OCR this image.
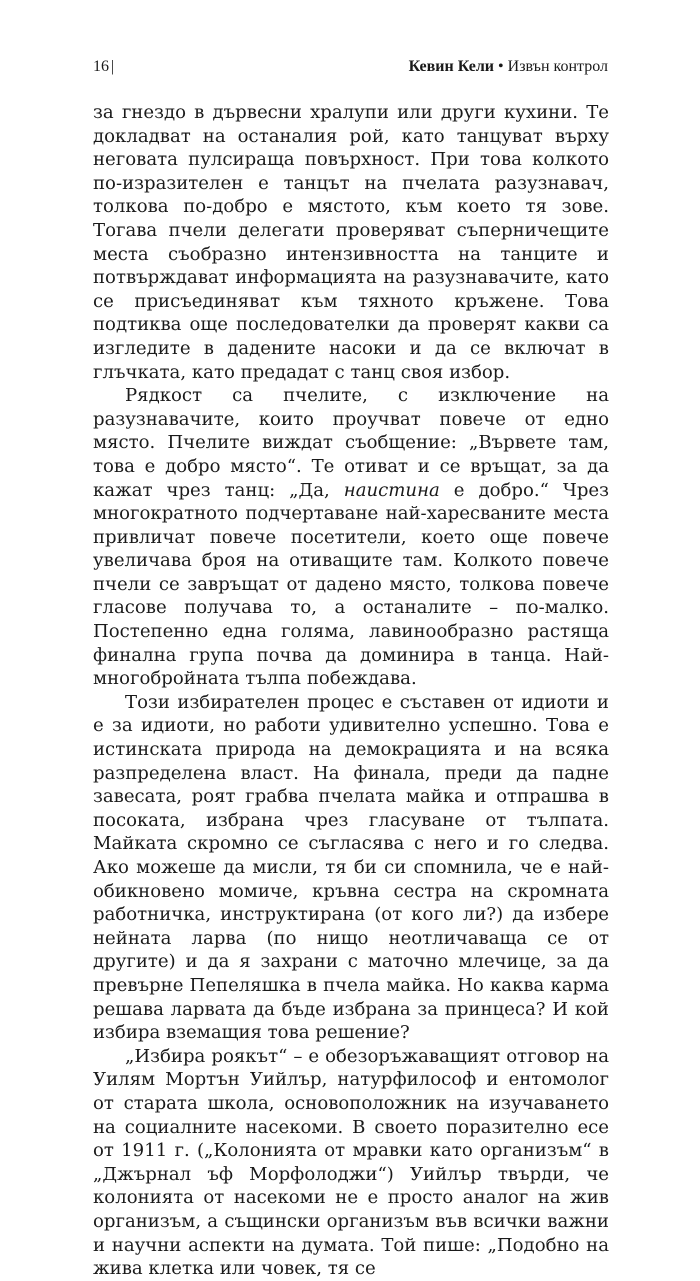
16 |	Кевин Кели • Извън контрол

за гнездо в дървесни хралупи или други кухини. Те докладват на останалия рой, като танцуват върху неговата пулсираща повърхност. При това колкото по-изразителен е танцът на пчелата разузнавач, толкова по-добро е мястото, към което тя зове. Тогава пчели делегати проверяват съперничещите места съобразно интензивността на танците и потвърждават информацията на разузнавачите, като се присъединяват към тяхното кръжене. Това подтиква още последователки да проверят какви са изгледите в дадените насоки и да се включат в глъчката, като предадат с танц своя избор.

Рядкост са пчелите, с изключение на разузнавачите, които проучват повече от едно място. Пчелите виждат съобщение: „Вървете там, това е добро място“. Те отиват и се връщат, за да кажат чрез танц: „Да, наистина е добро.“ Чрез многократното подчертаване най-харесваните места привличат повече посетители, което още повече увеличава броя на отиващите там. Колкото повече пчели се завръщат от дадено място, толкова повече гласове получава то, а останалите – по-малко. Постепенно една голяма, лавинообразно растяща финална група почва да доминира в танца. Най-многобройната тълпа побеждава.

Този избирателен процес е съставен от идиоти и е за идиоти, но работи удивително успешно. Това е истинската природа на демокрацията и на всяка разпределена власт. На финала, преди да падне завесата, роят грабва пчелата майка и отпрашва в посоката, избрана чрез гласуване от тълпата. Майката скромно се съгласява с него и го следва. Ако можеше да мисли, тя би си спомнила, че е най-обикновено момиче, кръвна сестра на скромната работничка, инструктирана (от кого ли?) да избере нейната ларва (по нищо неотличаваща се от другите) и да я захрани с маточно млечице, за да превърне Пепеляшка в пчела майка. Но каква карма решава ларвата да бъде избрана за принцеса? И кой избира вземащия това решение?

„Избира роякът“ – е обезоръжаващият отговор на Уилям Мортън Уийлър, натурфилософ и ентомолог от старата школа, основоположник на изучаването на социалните насекоми. В своето поразително есе от 1911 г. („Колонията от мравки като организъм“ в „Джърнал ъф Морфолоджи“) Уийлър твърди, че колонията от насекоми не е просто аналог на жив организъм, а същински организъм във всички важни и научни аспекти на думата. Той пише: „Подобно на жива клетка или човек, тя се
